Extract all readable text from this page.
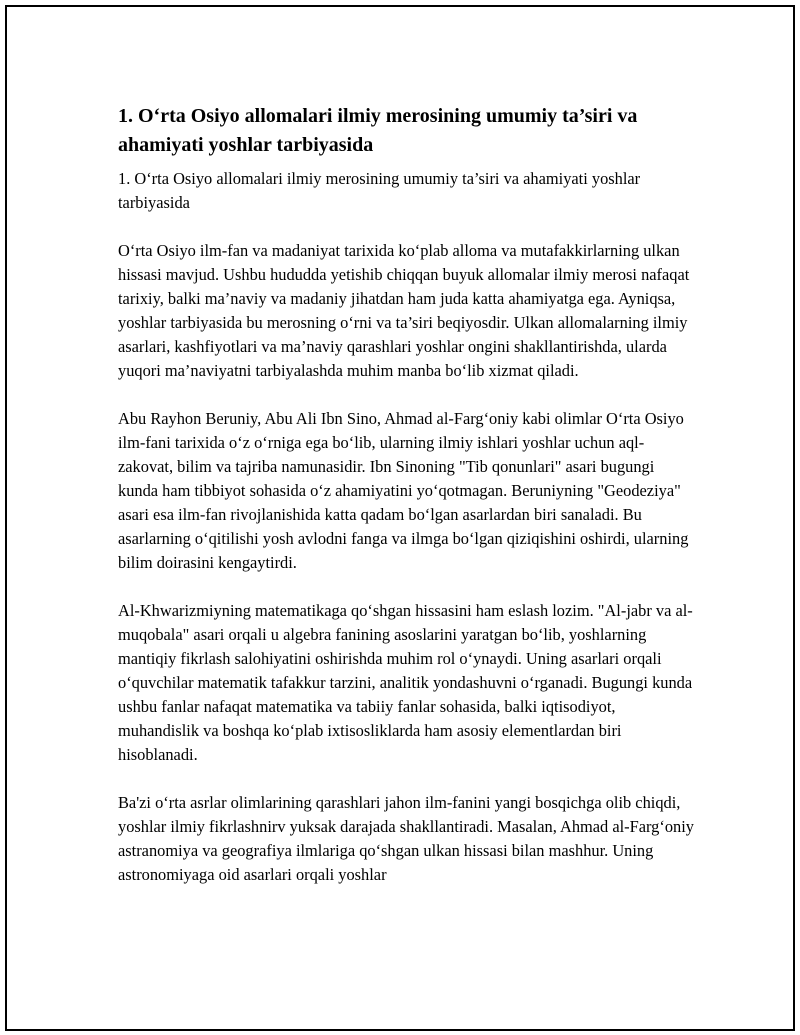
1. O‘rta Osiyo allomalari ilmiy merosining umumiy ta’siri va ahamiyati yoshlar tarbiyasida

1. O‘rta Osiyo allomalari ilmiy merosining umumiy ta’siri va ahamiyati yoshlar tarbiyasida

O‘rta Osiyo ilm-fan va madaniyat tarixida ko‘plab alloma va mutafakkirlarning ulkan hissasi mavjud. Ushbu hududda yetishib chiqqan buyuk allomalar ilmiy merosi nafaqat tarixiy, balki ma’naviy va madaniy jihatdan ham juda katta ahamiyatga ega. Ayniqsa, yoshlar tarbiyasida bu merosning o‘rni va ta’siri beqiyosdir. Ulkan allomalarning ilmiy asarlari, kashfiyotlari va ma’naviy qarashlari yoshlar ongini shakllantirishda, ularda yuqori ma’naviyatni tarbiyalashda muhim manba bo‘lib xizmat qiladi.

Abu Rayhon Beruniy, Abu Ali Ibn Sino, Ahmad al-Farg‘oniy kabi olimlar O‘rta Osiyo ilm-fani tarixida o‘z o‘rniga ega bo‘lib, ularning ilmiy ishlari yoshlar uchun aql-zakovat, bilim va tajriba namunasidir. Ibn Sinoning "Tib qonunlari" asari bugungi kunda ham tibbiyot sohasida o‘z ahamiyatini yo‘qotmagan. Beruniyning "Geodeziya" asari esa ilm-fan rivojlanishida katta qadam bo‘lgan asarlardan biri sanaladi. Bu asarlarning o‘qitilishi yosh avlodni fanga va ilmga bo‘lgan qiziqishini oshirdi, ularning bilim doirasini kengaytirdi.

Al-Khwarizmiyning matematikaga qo‘shgan hissasini ham eslash lozim. "Al-jabr va al-muqobala" asari orqali u algebra fanining asoslarini yaratgan bo‘lib, yoshlarning mantiqiy fikrlash salohiyatini oshirishda muhim rol o‘ynaydi. Uning asarlari orqali o‘quvchilar matematik tafakkur tarzini, analitik yondashuvni o‘rganadi. Bugungi kunda ushbu fanlar nafaqat matematika va tabiiy fanlar sohasida, balki iqtisodiyot, muhandislik va boshqa ko‘plab ixtisosliklarda ham asosiy elementlardan biri hisoblanadi.

Ba'zi o‘rta asrlar olimlarining qarashlari jahon ilm-fanini yangi bosqichga olib chiqdi, yoshlar ilmiy fikrlashnirv yuksak darajada shakllantiradi. Masalan, Ahmad al-Farg‘oniy astranomiya va geografiya ilmlariga qo‘shgan ulkan hissasi bilan mashhur. Uning astronomiyaga oid asarlari orqali yoshlar
